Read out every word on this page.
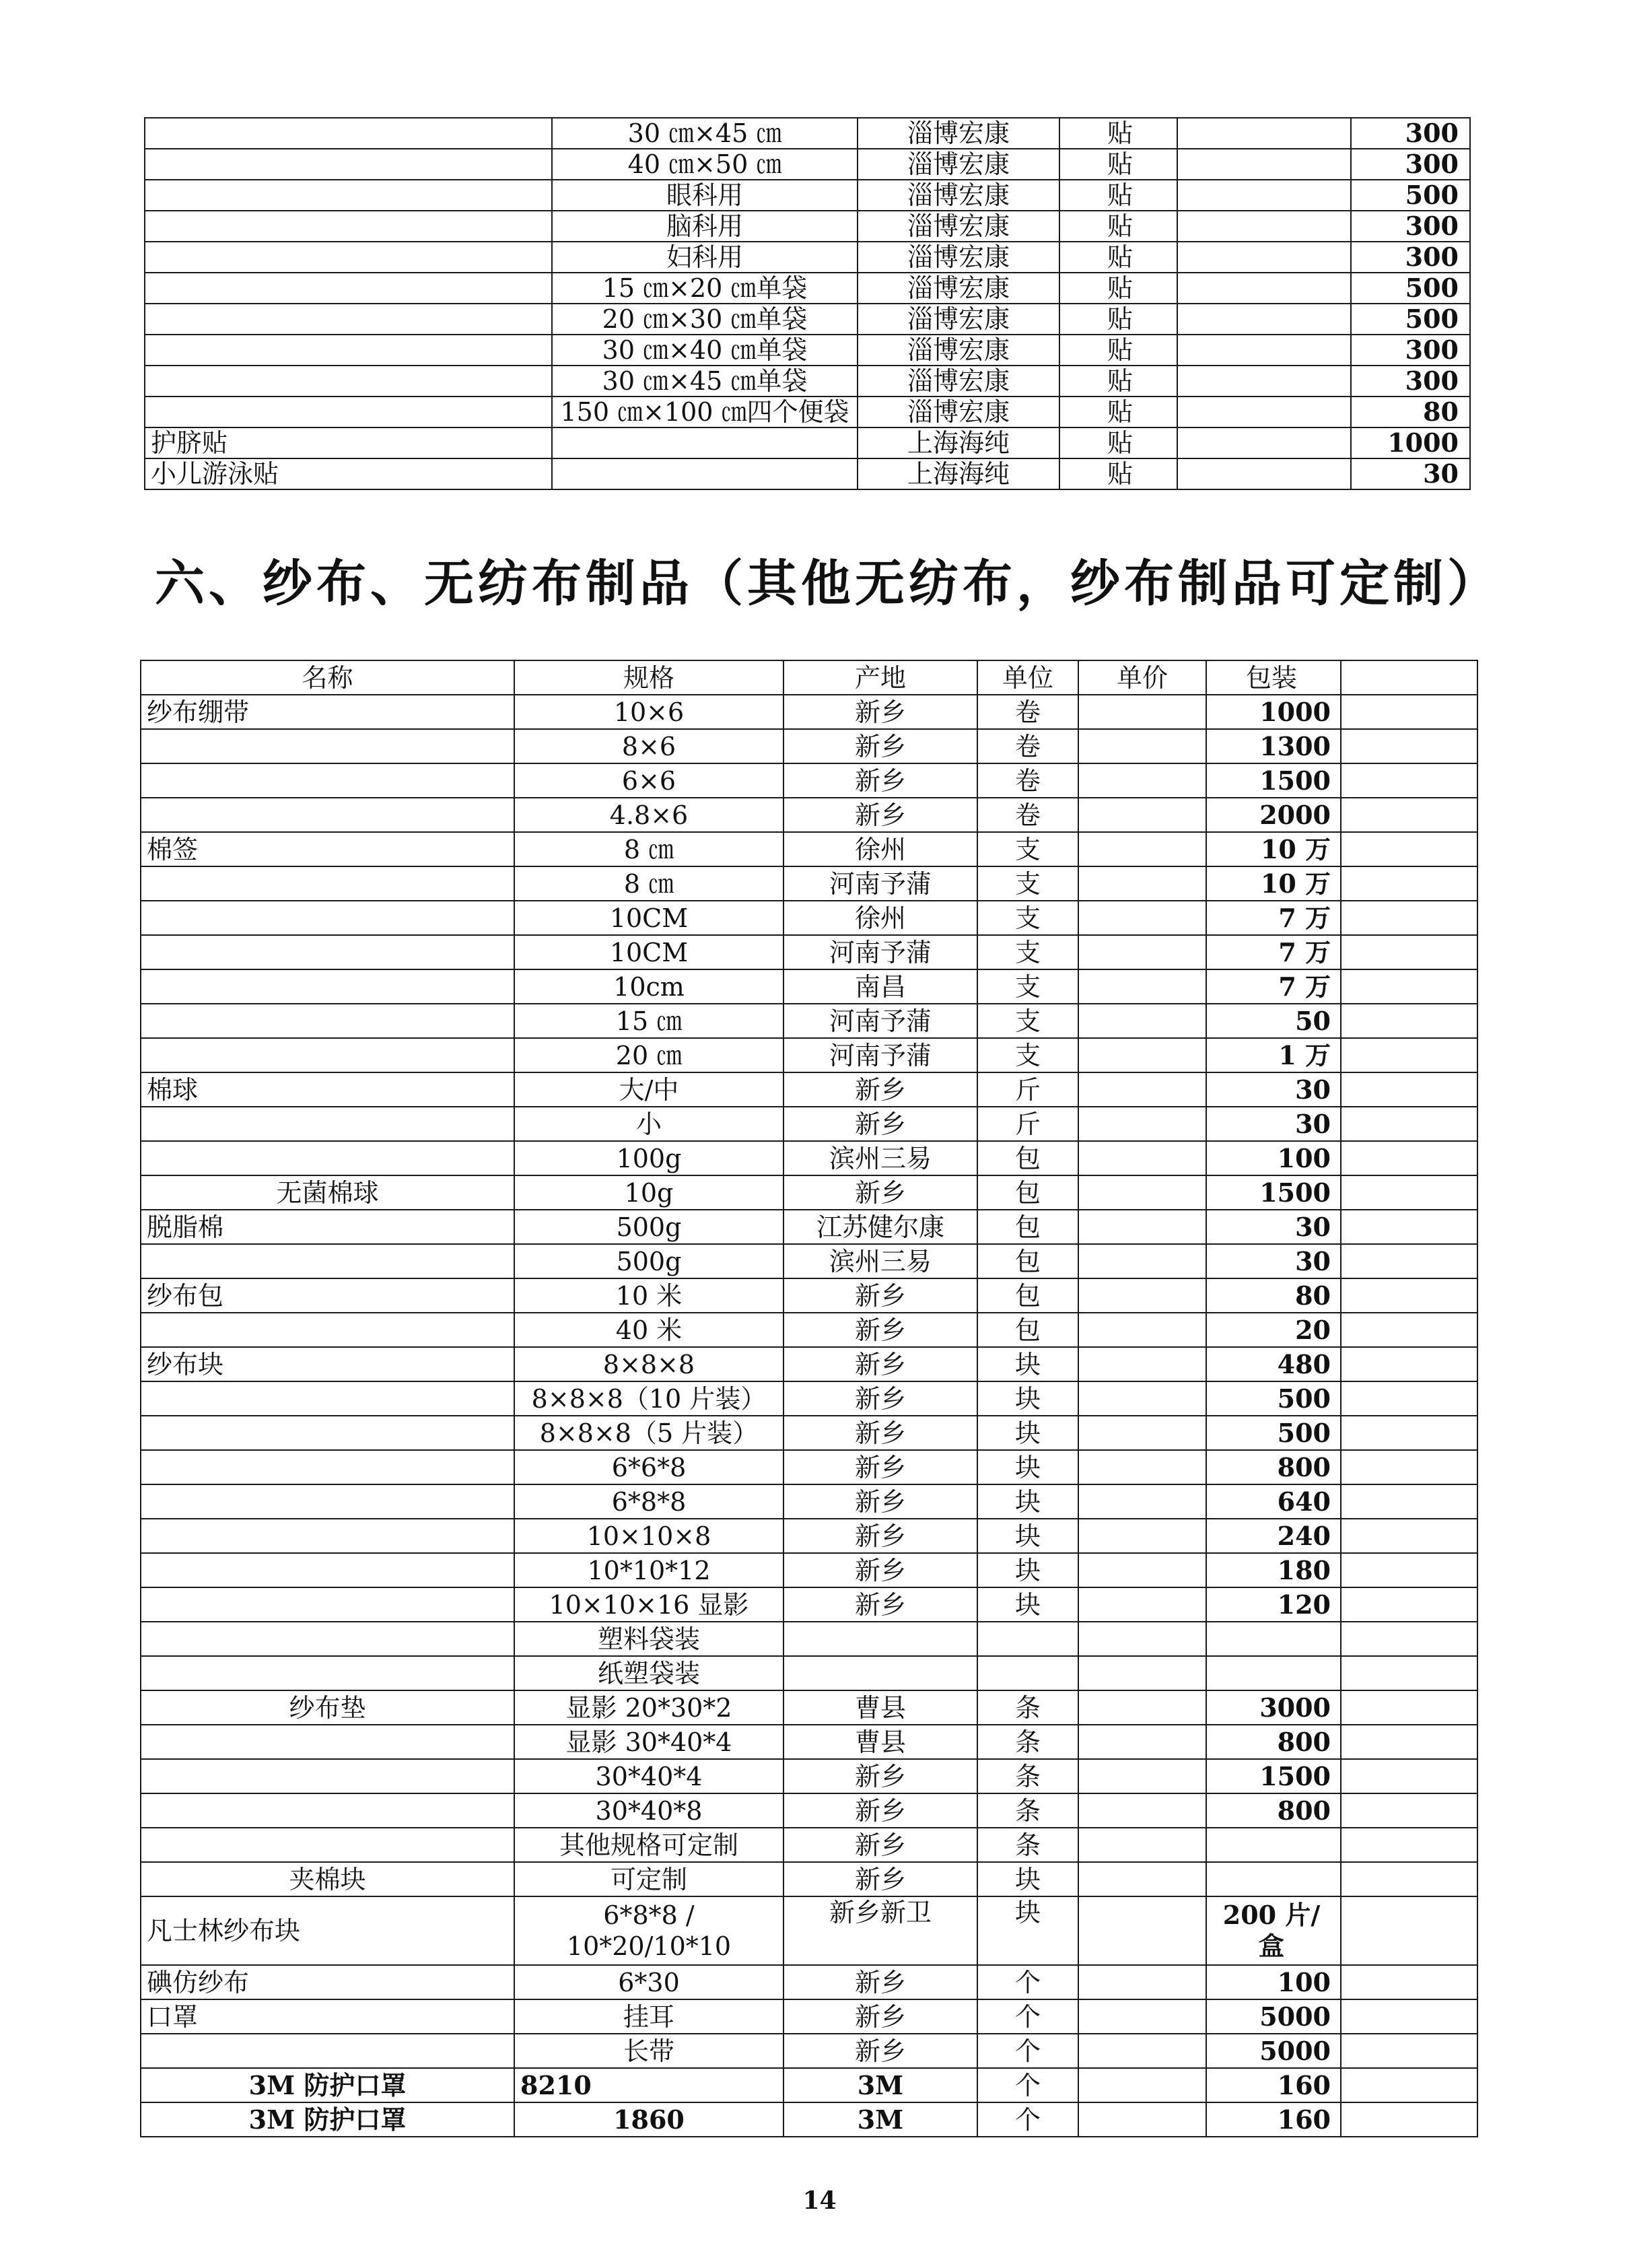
	30 ㎝×45 ㎝	淄博宏康	贴		300
	40 ㎝×50 ㎝	淄博宏康	贴		300
	眼科用	淄博宏康	贴		500
	脑科用	淄博宏康	贴		300
	妇科用	淄博宏康	贴		300
	15 ㎝×20 ㎝单袋	淄博宏康	贴		500
	20 ㎝×30 ㎝单袋	淄博宏康	贴		500
	30 ㎝×40 ㎝单袋	淄博宏康	贴		300
	30 ㎝×45 ㎝单袋	淄博宏康	贴		300
	150 ㎝×100 ㎝四个便袋	淄博宏康	贴		80
护脐贴		上海海纯	贴		1000
小儿游泳贴		上海海纯	贴		30
六、纱布、无纺布制品（其他无纺布，纱布制品可定制）
名称	规格	产地	单位	单价	包装	
纱布绷带	10×6	新乡	卷		1000	
	8×6	新乡	卷		1300	
	6×6	新乡	卷		1500	
	4.8×6	新乡	卷		2000	
棉签	8 ㎝	徐州	支		10 万	
	8 ㎝	河南予蒲	支		10 万	
	10CM	徐州	支		7 万	
	10CM	河南予蒲	支		7 万	
	10cm	南昌	支		7 万	
	15 ㎝	河南予蒲	支		50	
	20 ㎝	河南予蒲	支		1 万	
棉球	大/中	新乡	斤		30	
	小	新乡	斤		30	
	100g	滨州三易	包		100	
无菌棉球	10g	新乡	包		1500	
脱脂棉	500g	江苏健尔康	包		30	
	500g	滨州三易	包		30	
纱布包	10 米	新乡	包		80	
	40 米	新乡	包		20	
纱布块	8×8×8	新乡	块		480	
	8×8×8（10 片装）	新乡	块		500	
	8×8×8（5 片装）	新乡	块		500	
	6*6*8	新乡	块		800	
	6*8*8	新乡	块		640	
	10×10×8	新乡	块		240	
	10*10*12	新乡	块		180	
	10×10×16 显影	新乡	块		120	
	塑料袋装					
	纸塑袋装					
纱布垫	显影 20*30*2	曹县	条		3000	
	显影 30*40*4	曹县	条		800	
	30*40*4	新乡	条		1500	
	30*40*8	新乡	条		800	
	其他规格可定制	新乡	条			
夹棉块	可定制	新乡	块			
凡士林纱布块	6*8*8 / 10*20/10*10	新乡新卫	块		200 片/盒	
碘仿纱布	6*30	新乡	个		100	
口罩	挂耳	新乡	个		5000	
	长带	新乡	个		5000	
3M 防护口罩	8210	3M	个		160	
3M 防护口罩	1860	3M	个		160	
14
